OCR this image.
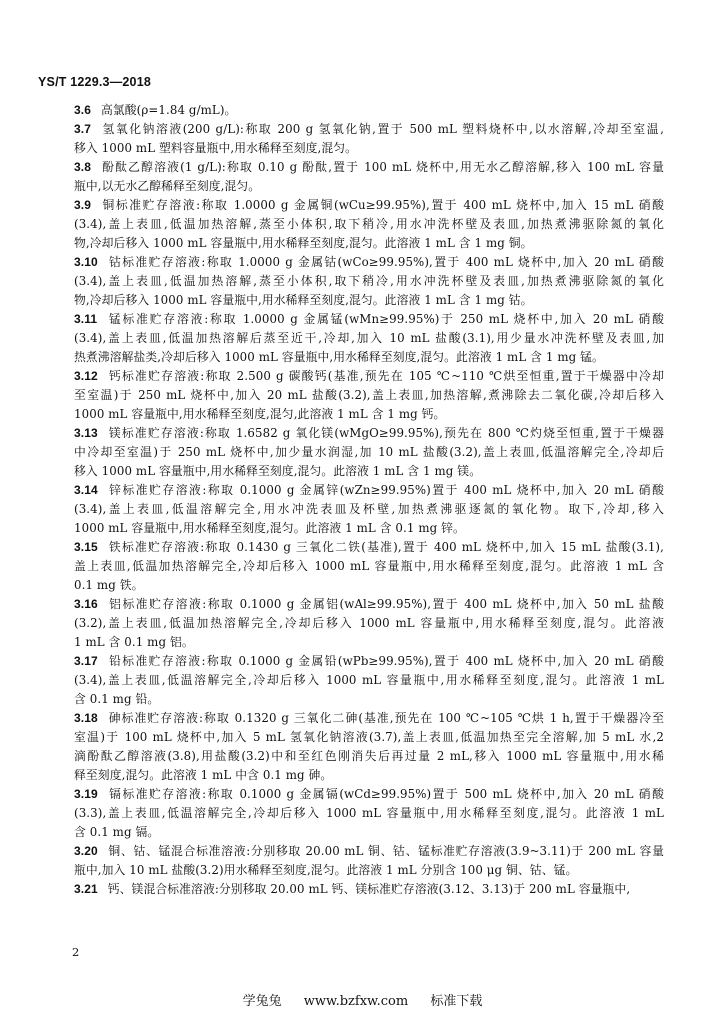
YS/T 1229.3—2018
3.6 高氯酸(ρ=1.84 g/mL)。
3.7 氢氧化钠溶液(200 g/L):称取 200 g 氢氧化钠,置于 500 mL 塑料烧杯中,以水溶解,冷却至室温,
移入 1000 mL 塑料容量瓶中,用水稀释至刻度,混匀。
3.8 酚酞乙醇溶液(1 g/L):称取 0.10 g 酚酞,置于 100 mL 烧杯中,用无水乙醇溶解,移入 100 mL 容量
瓶中,以无水乙醇稀释至刻度,混匀。
3.9 铜标准贮存溶液:称取 1.0000 g 金属铜(wCu≥99.95%),置于 400 mL 烧杯中,加入 15 mL 硝酸
(3.4),盖上表皿,低温加热溶解,蒸至小体积,取下稍冷,用水冲洗杯壁及表皿,加热煮沸驱除氮的氧化
物,冷却后移入 1000 mL 容量瓶中,用水稀释至刻度,混匀。此溶液 1 mL 含 1 mg 铜。
3.10 钴标准贮存溶液:称取 1.0000 g 金属钴(wCo≥99.95%),置于 400 mL 烧杯中,加入 20 mL 硝酸
(3.4),盖上表皿,低温加热溶解,蒸至小体积,取下稍冷,用水冲洗杯壁及表皿,加热煮沸驱除氮的氧化
物,冷却后移入 1000 mL 容量瓶中,用水稀释至刻度,混匀。此溶液 1 mL 含 1 mg 钴。
3.11 锰标准贮存溶液:称取 1.0000 g 金属锰(wMn≥99.95%)于 250 mL 烧杯中,加入 20 mL 硝酸
(3.4),盖上表皿,低温加热溶解后蒸至近干,冷却,加入 10 mL 盐酸(3.1),用少量水冲洗杯壁及表皿,加
热煮沸溶解盐类,冷却后移入 1000 mL 容量瓶中,用水稀释至刻度,混匀。此溶液 1 mL 含 1 mg 锰。
3.12 钙标准贮存溶液:称取 2.500 g 碳酸钙(基准,预先在 105 ℃~110 ℃烘至恒重,置于干燥器中冷却
至室温)于 250 mL 烧杯中,加入 20 mL 盐酸(3.2),盖上表皿,加热溶解,煮沸除去二氧化碳,冷却后移入
1000 mL 容量瓶中,用水稀释至刻度,混匀,此溶液 1 mL 含 1 mg 钙。
3.13 镁标准贮存溶液:称取 1.6582 g 氧化镁(wMgO≥99.95%),预先在 800 ℃灼烧至恒重,置于干燥器
中冷却至室温)于 250 mL 烧杯中,加少量水润湿,加 10 mL 盐酸(3.2),盖上表皿,低温溶解完全,冷却后
移入 1000 mL 容量瓶中,用水稀释至刻度,混匀。此溶液 1 mL 含 1 mg 镁。
3.14 锌标准贮存溶液:称取 0.1000 g 金属锌(wZn≥99.95%)置于 400 mL 烧杯中,加入 20 mL 硝酸
(3.4),盖上表皿,低温溶解完全,用水冲洗表皿及杯壁,加热煮沸驱逐氮的氧化物。取下,冷却,移入
1000 mL 容量瓶中,用水稀释至刻度,混匀。此溶液 1 mL 含 0.1 mg 锌。
3.15 铁标准贮存溶液:称取 0.1430 g 三氧化二铁(基准),置于 400 mL 烧杯中,加入 15 mL 盐酸(3.1),
盖上表皿,低温加热溶解完全,冷却后移入 1000 mL 容量瓶中,用水稀释至刻度,混匀。此溶液 1 mL 含
0.1 mg 铁。
3.16 铝标准贮存溶液:称取 0.1000 g 金属铝(wAl≥99.95%),置于 400 mL 烧杯中,加入 50 mL 盐酸
(3.2),盖上表皿,低温加热溶解完全,冷却后移入 1000 mL 容量瓶中,用水稀释至刻度,混匀。此溶液
1 mL 含 0.1 mg 铝。
3.17 铅标准贮存溶液:称取 0.1000 g 金属铅(wPb≥99.95%),置于 400 mL 烧杯中,加入 20 mL 硝酸
(3.4),盖上表皿,低温溶解完全,冷却后移入 1000 mL 容量瓶中,用水稀释至刻度,混匀。此溶液 1 mL
含 0.1 mg 铅。
3.18 砷标准贮存溶液:称取 0.1320 g 三氧化二砷(基准,预先在 100 ℃~105 ℃烘 1 h,置于干燥器冷至
室温)于 100 mL 烧杯中,加入 5 mL 氢氧化钠溶液(3.7),盖上表皿,低温加热至完全溶解,加 5 mL 水,2
滴酚酞乙醇溶液(3.8),用盐酸(3.2)中和至红色刚消失后再过量 2 mL,移入 1000 mL 容量瓶中,用水稀
释至刻度,混匀。此溶液 1 mL 中含 0.1 mg 砷。
3.19 镉标准贮存溶液:称取 0.1000 g 金属镉(wCd≥99.95%)置于 500 mL 烧杯中,加入 20 mL 硝酸
(3.3),盖上表皿,低温溶解完全,冷却后移入 1000 mL 容量瓶中,用水稀释至刻度,混匀。此溶液 1 mL
含 0.1 mg 镉。
3.20 铜、钴、锰混合标准溶液:分别移取 20.00 mL 铜、钴、锰标准贮存溶液(3.9~3.11)于 200 mL 容量
瓶中,加入 10 mL 盐酸(3.2)用水稀释至刻度,混匀。此溶液 1 mL 分别含 100 μg 铜、钴、锰。
3.21 钙、镁混合标准溶液:分别移取 20.00 mL 钙、镁标准贮存溶液(3.12、3.13)于 200 mL 容量瓶中,
2
学兔兔 www.bzfxw.com 标准下载
